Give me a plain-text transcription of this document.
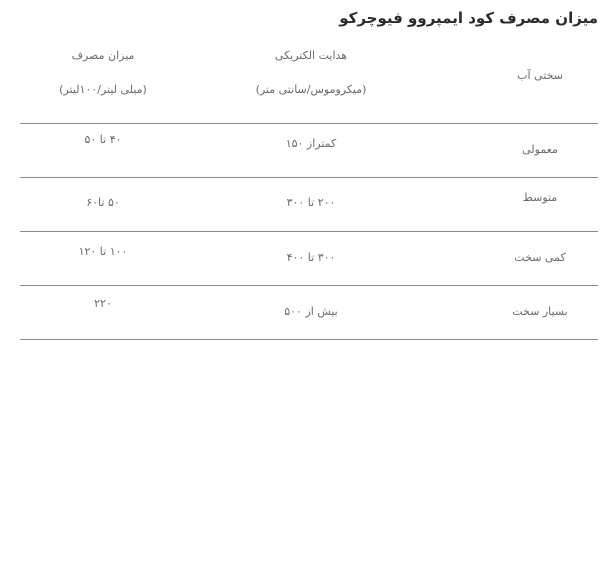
میزان مصرف کود ایمپروو فیوچرکو
سختی آب
هدایت الکتریکی
(میکروموس/سانتی متر)
میزان مصرف
(میلی لیتر/۱۰۰لیتر)
معمولی
کمتراز ۱۵۰
۴۰ تا ۵۰
متوسط
۲۰۰ تا ۳۰۰
۵۰ تا۶۰
کمی سخت
۳۰۰ تا ۴۰۰
۱۰۰ تا ۱۲۰
بسیار سخت
بیش از ۵۰۰
۲۲۰
